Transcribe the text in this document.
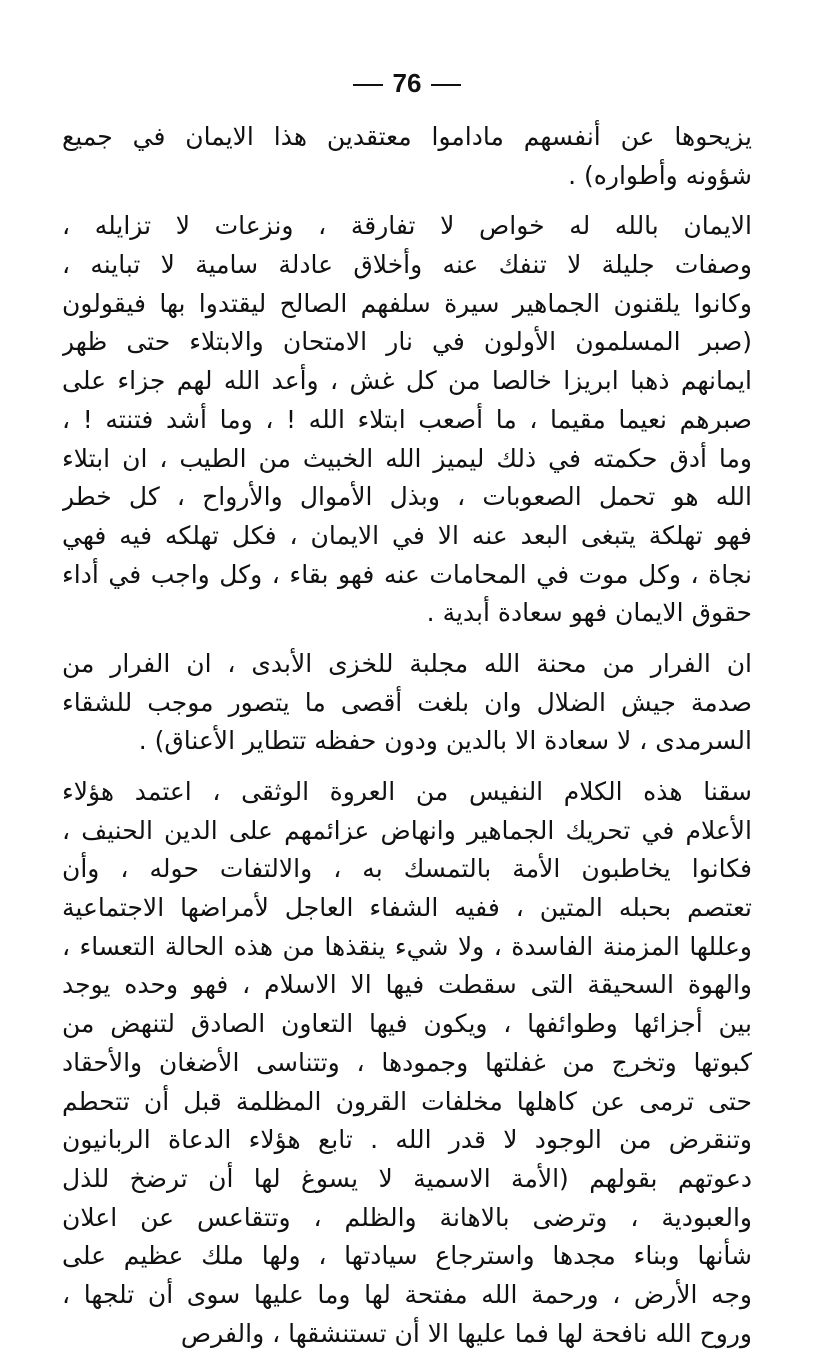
76
يزيحوها عن أنفسهم ماداموا معتقدين هذا الايمان في جميع
شؤونه وأطواره) .
الايمان بالله له خواص لا تفارقة ، ونزعات لا تزايله ،
وصفات جليلة لا تنفك عنه وأخلاق عادلة سامية لا تباينه ،
وكانوا يلقنون الجماهير سيرة سلفهم الصالح ليقتدوا بها فيقولون
(صبر المسلمون الأولون في نار الامتحان والابتلاء حتى ظهر
ايمانهم ذهبا ابريزا خالصا من كل غش ، وأعد الله لهم جزاء على
صبرهم نعيما مقيما ، ما أصعب ابتلاء الله ! ، وما أشد فتنته ! ،
وما أدق حكمته في ذلك ليميز الله الخبيث من الطيب ، ان ابتلاء
الله هو تحمل الصعوبات ، وبذل الأموال والأرواح ، كل خطر
فهو تهلكة يتبغى البعد عنه الا في الايمان ، فكل تهلكه فيه فهي
نجاة ، وكل موت في المحامات عنه فهو بقاء ، وكل واجب في أداء
حقوق الايمان فهو سعادة أبدية .
ان الفرار من محنة الله مجلبة للخزى الأبدى ، ان الفرار من
صدمة جيش الضلال وان بلغت أقصى ما يتصور موجب للشقاء
السرمدى ، لا سعادة الا بالدين ودون حفظه تتطاير الأعناق) .
سقنا هذه الكلام النفيس من العروة الوثقى ، اعتمد هؤلاء
الأعلام في تحريك الجماهير وانهاض عزائمهم على الدين الحنيف ،
فكانوا يخاطبون الأمة بالتمسك به ، والالتفات حوله ، وأن
تعتصم بحبله المتين ، ففيه الشفاء العاجل لأمراضها الاجتماعية
وعللها المزمنة الفاسدة ، ولا شيء ينقذها من هذه الحالة التعساء ،
والهوة السحيقة التى سقطت فيها الا الاسلام ، فهو وحده يوجد
بين أجزائها وطوائفها ، ويكون فيها التعاون الصادق لتنهض من
كبوتها وتخرج من غفلتها وجمودها ، وتتناسى الأضغان والأحقاد
حتى ترمى عن كاهلها مخلفات القرون المظلمة قبل أن تتحطم
وتنقرض من الوجود لا قدر الله . تابع هؤلاء الدعاة الربانيون
دعوتهم بقولهم (الأمة الاسمية لا يسوغ لها أن ترضخ للذل
والعبودية ، وترضى بالاهانة والظلم ، وتتقاعس عن اعلان
شأنها وبناء مجدها واسترجاع سيادتها ، ولها ملك عظيم على
وجه الأرض ، ورحمة الله مفتحة لها وما عليها سوى أن تلجها ،
وروح الله نافحة لها فما عليها الا أن تستنشقها ، والفرص
